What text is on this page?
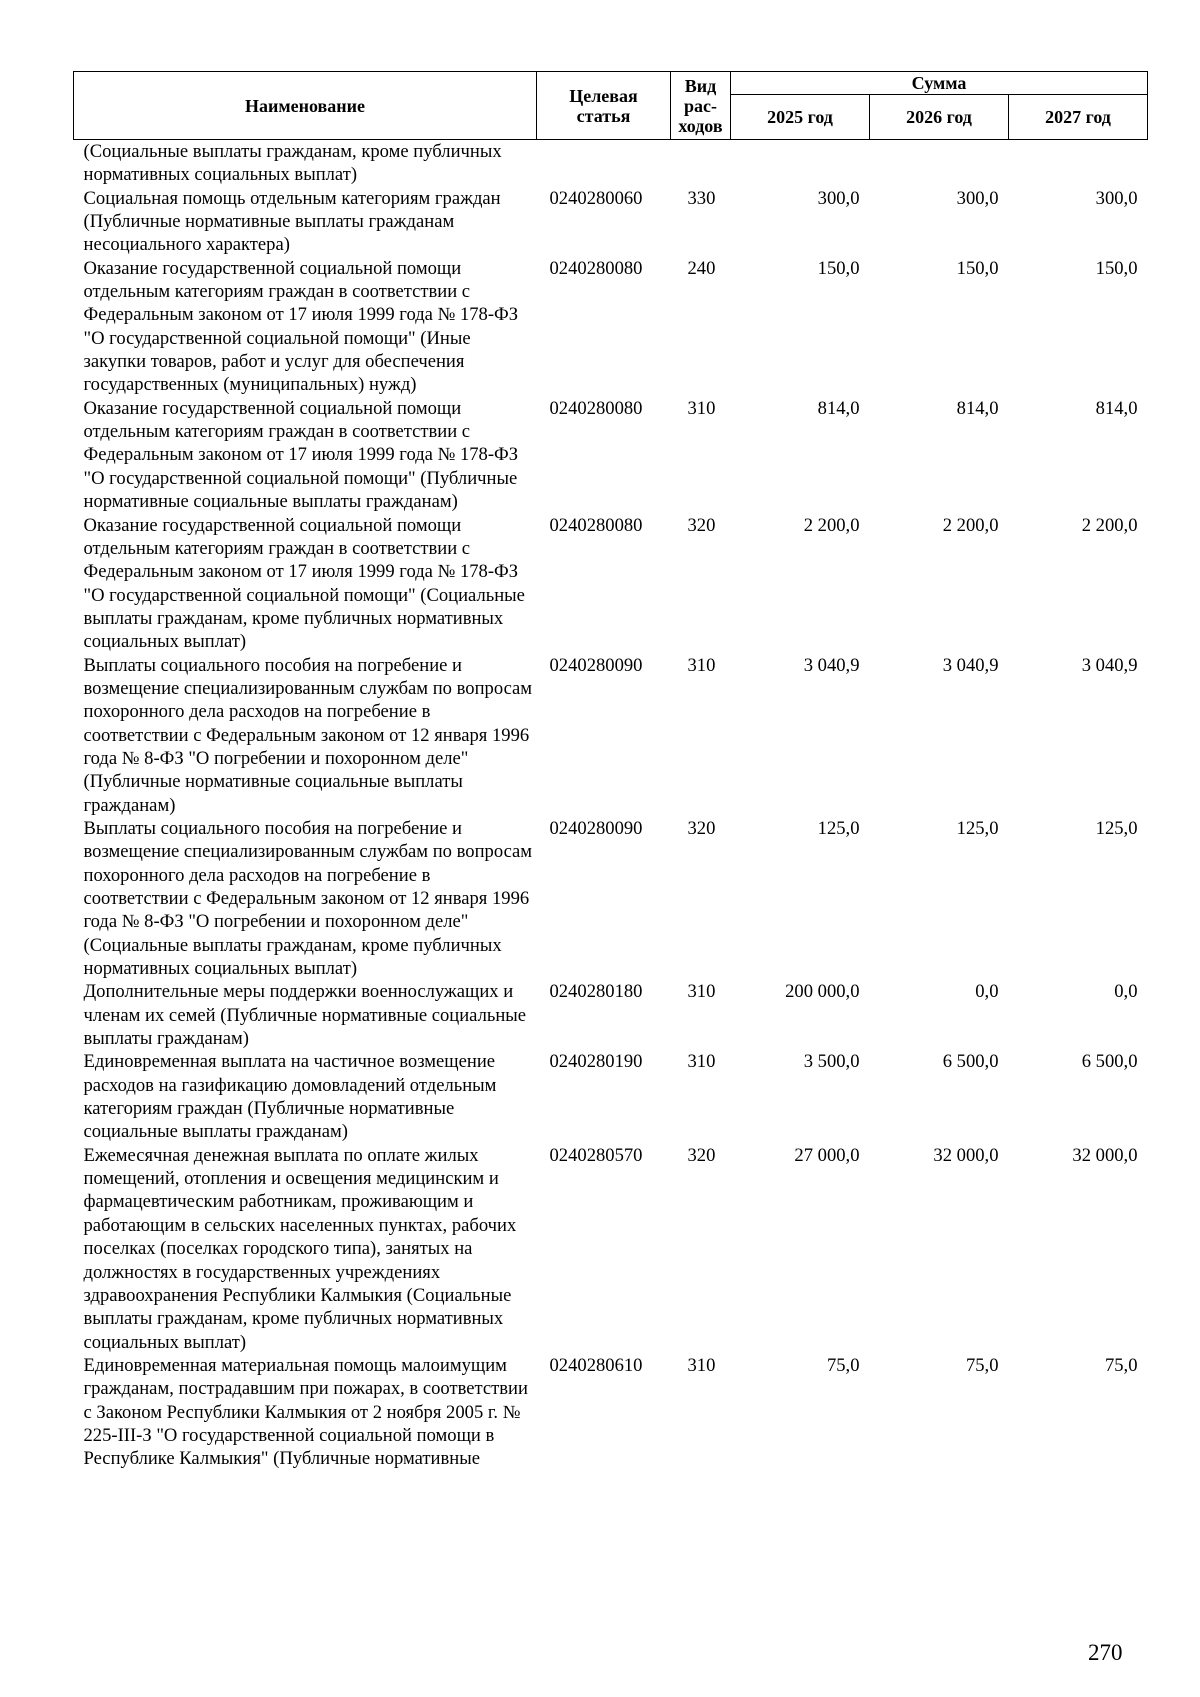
Наименование	Целевая статья	Вид рас-ходов	Сумма		
			2025 год	2026 год	2027 год
(Социальные выплаты гражданам, кроме публичных нормативных социальных выплат)					
Социальная помощь отдельным категориям граждан (Публичные нормативные выплаты гражданам несоциального характера)	0240280060	330	300,0	300,0	300,0
Оказание государственной социальной помощи отдельным категориям граждан в соответствии с Федеральным законом от 17 июля 1999 года № 178-ФЗ "О государственной социальной помощи" (Иные закупки товаров, работ и услуг для обеспечения государственных (муниципальных) нужд)	0240280080	240	150,0	150,0	150,0
Оказание государственной социальной помощи отдельным категориям граждан в соответствии с Федеральным законом от 17 июля 1999 года № 178-ФЗ "О государственной социальной помощи" (Публичные нормативные социальные выплаты гражданам)	0240280080	310	814,0	814,0	814,0
Оказание государственной социальной помощи отдельным категориям граждан в соответствии с Федеральным законом от 17 июля 1999 года № 178-ФЗ "О государственной социальной помощи" (Социальные выплаты гражданам, кроме публичных нормативных социальных выплат)	0240280080	320	2 200,0	2 200,0	2 200,0
Выплаты социального пособия на погребение и возмещение специализированным службам по вопросам похоронного дела расходов на погребение в соответствии с Федеральным законом от 12 января 1996 года № 8-ФЗ "О погребении и похоронном деле" (Публичные нормативные социальные выплаты гражданам)	0240280090	310	3 040,9	3 040,9	3 040,9
Выплаты социального пособия на погребение и возмещение специализированным службам по вопросам похоронного дела расходов на погребение в соответствии с Федеральным законом от 12 января 1996 года № 8-ФЗ "О погребении и похоронном деле" (Социальные выплаты гражданам, кроме публичных нормативных социальных выплат)	0240280090	320	125,0	125,0	125,0
Дополнительные меры поддержки военнослужащих и членам их семей (Публичные нормативные социальные выплаты гражданам)	0240280180	310	200 000,0	0,0	0,0
Единовременная выплата на частичное возмещение расходов на газификацию домовладений отдельным категориям граждан (Публичные нормативные социальные выплаты гражданам)	0240280190	310	3 500,0	6 500,0	6 500,0
Ежемесячная денежная выплата по оплате жилых помещений, отопления и освещения медицинским и фармацевтическим работникам, проживающим и работающим в сельских населенных пунктах, рабочих поселках (поселках городского типа), занятых на должностях в государственных учреждениях здравоохранения Республики Калмыкия (Социальные выплаты гражданам, кроме публичных нормативных социальных выплат)	0240280570	320	27 000,0	32 000,0	32 000,0
Единовременная материальная помощь малоимущим гражданам, пострадавшим при пожарах, в соответствии с Законом Республики Калмыкия от 2 ноября 2005 г. № 225-III-З "О государственной социальной помощи в Республике Калмыкия" (Публичные нормативные	0240280610	310	75,0	75,0	75,0
270
